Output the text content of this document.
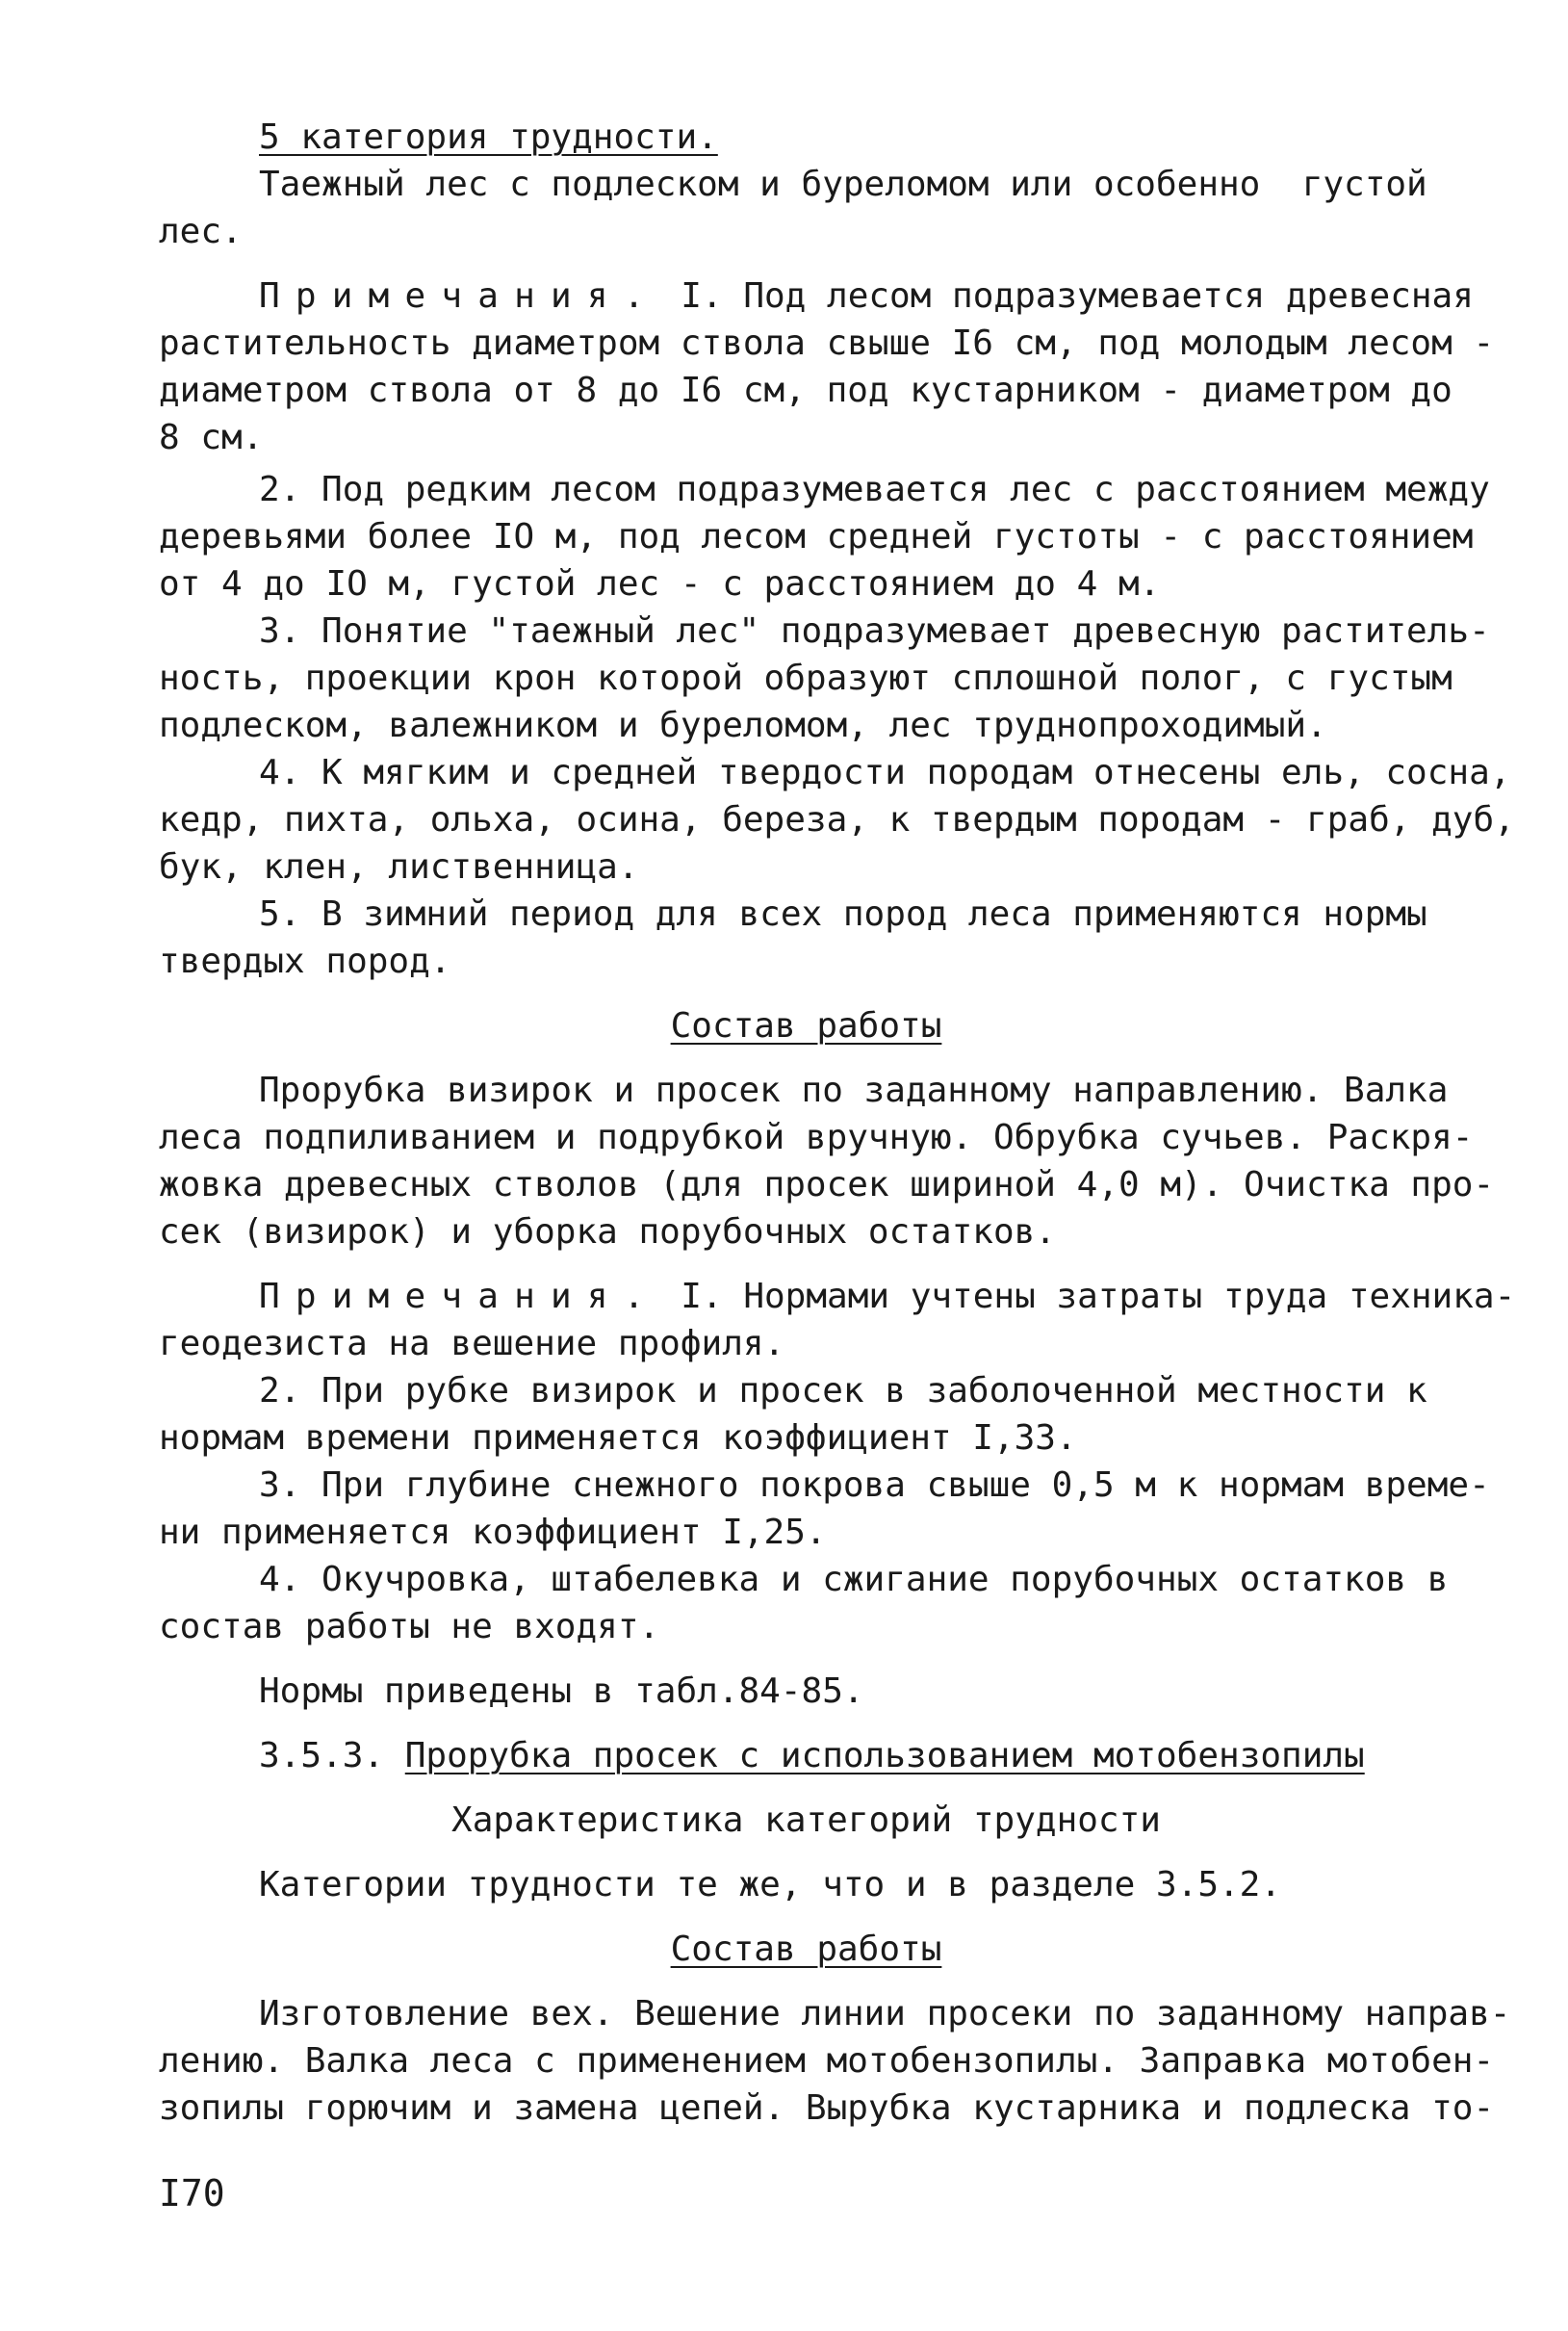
5 категория трудности.

Таежный лес с подлеском и буреломом или особенно  густой

лес.

Примечания. I. Под лесом подразумевается древесная

растительность диаметром ствола свыше I6 см, под молодым лесом -

диаметром ствола от 8 до I6 см, под кустарником - диаметром до

8 см.

2. Под редким лесом подразумевается лес с расстоянием между

деревьями более IO м, под лесом средней густоты - с расстоянием

от 4 до IO м, густой лес - с расстоянием до 4 м.

3. Понятие "таежный лес" подразумевает древесную раститель-

ность, проекции крон которой образуют сплошной полог, с густым

подлеском, валежником и буреломом, лес труднопроходимый.

4. К мягким и средней твердости породам отнесены ель, сосна,

кедр, пихта, ольха, осина, береза, к твердым породам - граб, дуб,

бук, клен, лиственница.

5. В зимний период для всех пород леса применяются нормы

твердых пород.

Состав работы

Прорубка визирок и просек по заданному направлению. Валка

леса подпиливанием и подрубкой вручную. Обрубка сучьев. Раскря-

жовка древесных стволов (для просек шириной 4,0 м). Очистка про-

сек (визирок) и уборка порубочных остатков.

Примечания. I. Нормами учтены затраты труда техника-

геодезиста на вешение профиля.

2. При рубке визирок и просек в заболоченной местности к

нормам времени применяется коэффициент I,33.

3. При глубине снежного покрова свыше 0,5 м к нормам време-

ни применяется коэффициент I,25.

4. Окучровка, штабелевка и сжигание порубочных остатков в

состав работы не входят.

Нормы приведены в табл.84-85.

3.5.3. Прорубка просек с использованием мотобензопилы

Характеристика категорий трудности

Категории трудности те же, что и в разделе 3.5.2.

Состав работы

Изготовление вех. Вешение линии просеки по заданному направ-

лению. Валка леса с применением мотобензопилы. Заправка мотобен-

зопилы горючим и замена цепей. Вырубка кустарника и подлеска то-

I70
